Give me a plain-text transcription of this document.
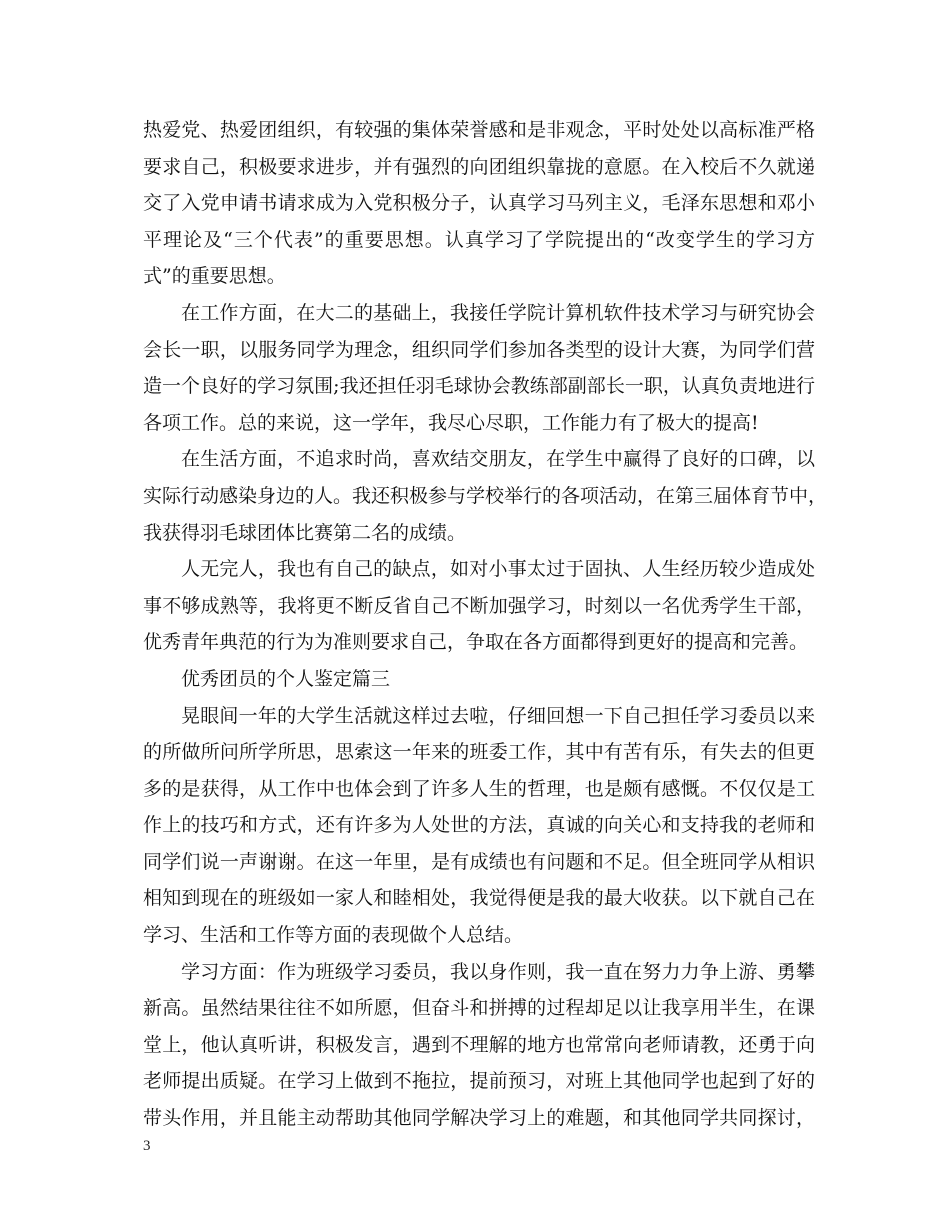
热爱党、热爱团组织，有较强的集体荣誉感和是非观念，平时处处以高标准严格
要求自己，积极要求进步，并有强烈的向团组织靠拢的意愿。在入校后不久就递
交了入党申请书请求成为入党积极分子，认真学习马列主义，毛泽东思想和邓小
平理论及“三个代表”的重要思想。认真学习了学院提出的“改变学生的学习方
式”的重要思想。
在工作方面，在大二的基础上，我接任学院计算机软件技术学习与研究协会
会长一职，以服务同学为理念，组织同学们参加各类型的设计大赛，为同学们营
造一个良好的学习氛围;我还担任羽毛球协会教练部副部长一职，认真负责地进行
各项工作。总的来说，这一学年，我尽心尽职，工作能力有了极大的提高!
在生活方面，不追求时尚，喜欢结交朋友，在学生中赢得了良好的口碑，以
实际行动感染身边的人。我还积极参与学校举行的各项活动，在第三届体育节中，
我获得羽毛球团体比赛第二名的成绩。
人无完人，我也有自己的缺点，如对小事太过于固执、人生经历较少造成处
事不够成熟等，我将更不断反省自己不断加强学习，时刻以一名优秀学生干部，
优秀青年典范的行为为准则要求自己，争取在各方面都得到更好的提高和完善。
优秀团员的个人鉴定篇三
晃眼间一年的大学生活就这样过去啦，仔细回想一下自己担任学习委员以来
的所做所问所学所思，思索这一年来的班委工作，其中有苦有乐，有失去的但更
多的是获得，从工作中也体会到了许多人生的哲理，也是颇有感慨。不仅仅是工
作上的技巧和方式，还有许多为人处世的方法，真诚的向关心和支持我的老师和
同学们说一声谢谢。在这一年里，是有成绩也有问题和不足。但全班同学从相识
相知到现在的班级如一家人和睦相处，我觉得便是我的最大收获。以下就自己在
学习、生活和工作等方面的表现做个人总结。
学习方面：作为班级学习委员，我以身作则，我一直在努力力争上游、勇攀
新高。虽然结果往往不如所愿，但奋斗和拼搏的过程却足以让我享用半生，在课
堂上，他认真听讲，积极发言，遇到不理解的地方也常常向老师请教，还勇于向
老师提出质疑。在学习上做到不拖拉，提前预习，对班上其他同学也起到了好的
带头作用，并且能主动帮助其他同学解决学习上的难题，和其他同学共同探讨，
3
